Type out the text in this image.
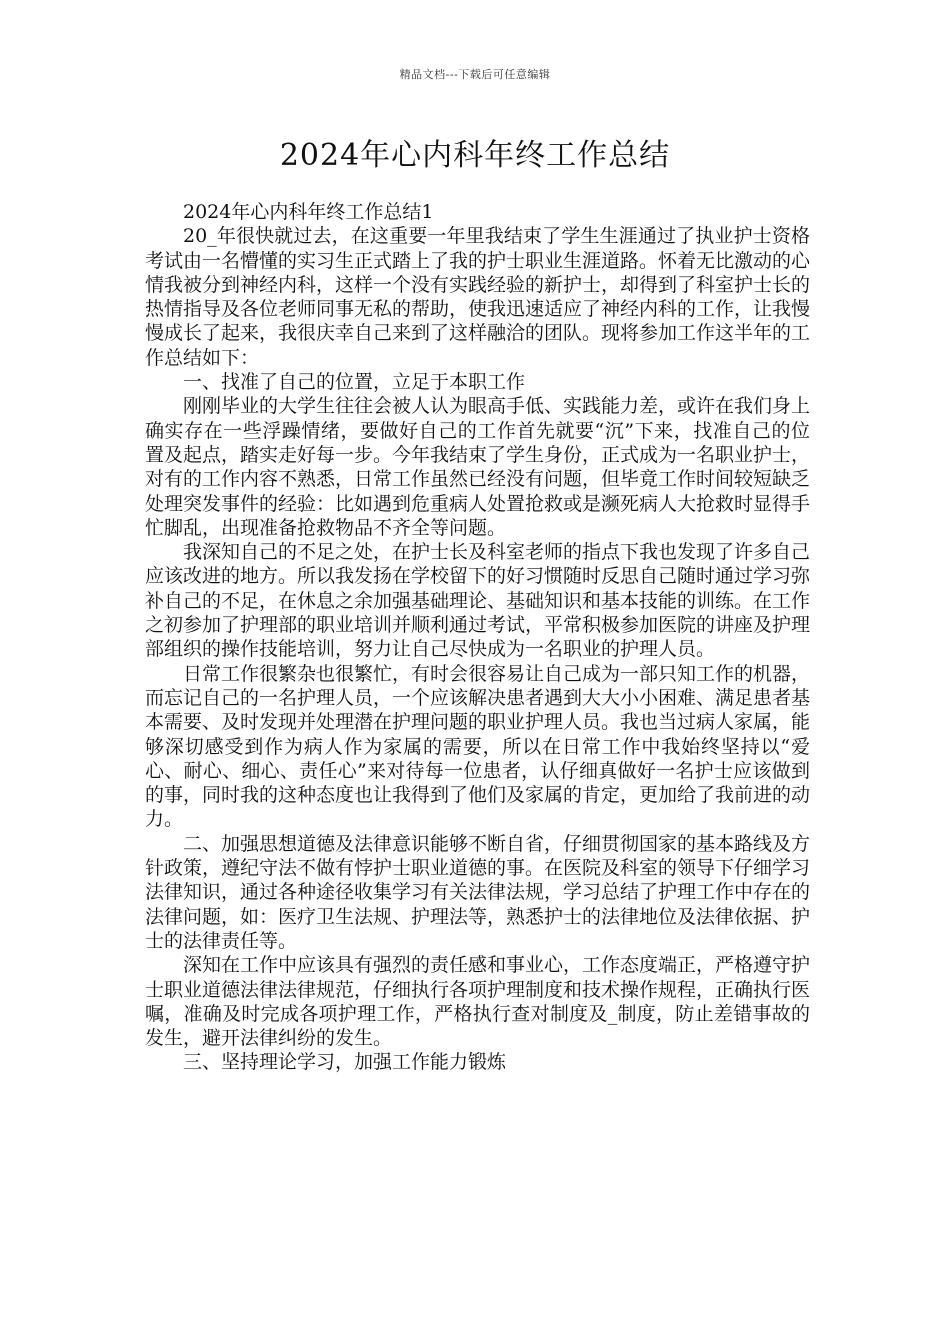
精品文档---下载后可任意编辑
2024年心内科年终工作总结

2024年心内科年终工作总结1

20_年很快就过去，在这重要一年里我结束了学生生涯通过了执业护士资格考试由一名懵懂的实习生正式踏上了我的护士职业生涯道路。怀着无比激动的心情我被分到神经内科，这样一个没有实践经验的新护士，却得到了科室护士长的热情指导及各位老师同事无私的帮助，使我迅速适应了神经内科的工作，让我慢慢成长了起来，我很庆幸自己来到了这样融洽的团队。现将参加工作这半年的工作总结如下：

一、找准了自己的位置，立足于本职工作

刚刚毕业的大学生往往会被人认为眼高手低、实践能力差，或许在我们身上确实存在一些浮躁情绪，要做好自己的工作首先就要“沉”下来，找准自己的位置及起点，踏实走好每一步。今年我结束了学生身份，正式成为一名职业护士，对有的工作内容不熟悉，日常工作虽然已经没有问题，但毕竟工作时间较短缺乏处理突发事件的经验：比如遇到危重病人处置抢救或是濒死病人大抢救时显得手忙脚乱，出现准备抢救物品不齐全等问题。

我深知自己的不足之处，在护士长及科室老师的指点下我也发现了许多自己应该改进的地方。所以我发扬在学校留下的好习惯随时反思自己随时通过学习弥补自己的不足，在休息之余加强基础理论、基础知识和基本技能的训练。在工作之初参加了护理部的职业培训并顺利通过考试，平常积极参加医院的讲座及护理部组织的操作技能培训，努力让自己尽快成为一名职业的护理人员。

日常工作很繁杂也很繁忙，有时会很容易让自己成为一部只知工作的机器，而忘记自己的一名护理人员，一个应该解决患者遇到大大小小困难、满足患者基本需要、及时发现并处理潜在护理问题的职业护理人员。我也当过病人家属，能够深切感受到作为病人作为家属的需要，所以在日常工作中我始终坚持以“爱心、耐心、细心、责任心”来对待每一位患者，认仔细真做好一名护士应该做到的事，同时我的这种态度也让我得到了他们及家属的肯定，更加给了我前进的动力。

二、加强思想道德及法律意识能够不断自省，仔细贯彻国家的基本路线及方针政策，遵纪守法不做有悖护士职业道德的事。在医院及科室的领导下仔细学习法律知识，通过各种途径收集学习有关法律法规，学习总结了护理工作中存在的法律问题，如：医疗卫生法规、护理法等，熟悉护士的法律地位及法律依据、护士的法律责任等。

深知在工作中应该具有强烈的责任感和事业心，工作态度端正，严格遵守护士职业道德法律法律规范，仔细执行各项护理制度和技术操作规程，正确执行医嘱，准确及时完成各项护理工作，严格执行查对制度及_制度，防止差错事故的发生，避开法律纠纷的发生。

三、坚持理论学习，加强工作能力锻炼
